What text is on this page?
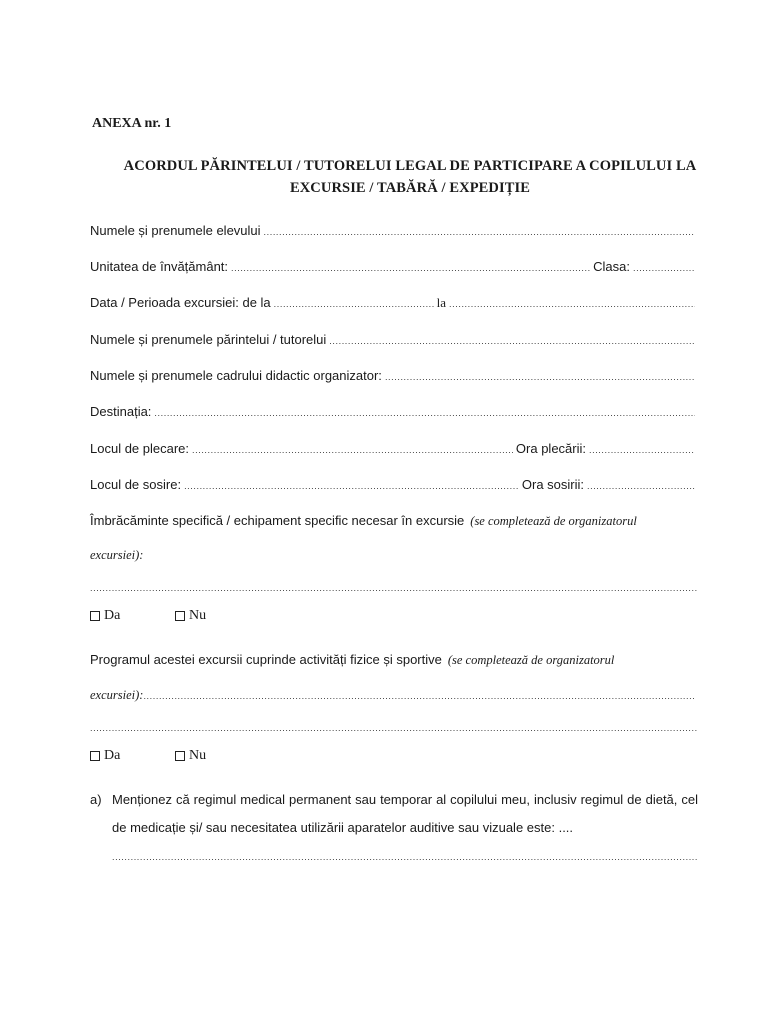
ANEXA nr. 1
ACORDUL PĂRINTELUI / TUTORELUI LEGAL DE PARTICIPARE A COPILULUI LA
EXCURSIE / TABĂRĂ / EXPEDIȚIE
Numele și prenumele elevului
.....
Unitatea de învățământ: .....	Clasa:
.....
Data / Perioada excursiei: de la .....	la
.....
Numele și prenumele părintelui / tutorelui
.....
Numele și prenumele cadrului didactic organizator:
.....
Destinația:
.....
Locul de plecare: .....	Ora plecării:
.....
Locul de sosire: .....	Ora sosirii:
.....
Îmbrăcăminte specifică / echipament specific necesar în excursie (se completează de organizatorul
excursiei):
.....
Da	Nu
Programul acestei excursii cuprinde activități fizice și sportive (se completează de organizatorul
excursiei):
.....
.....
Da	Nu
a) Menționez că regimul medical permanent sau temporar al copilului meu, inclusiv regimul de dietă, cel de medicație și/ sau necesitatea utilizării aparatelor auditive sau vizuale este: ....
.....
